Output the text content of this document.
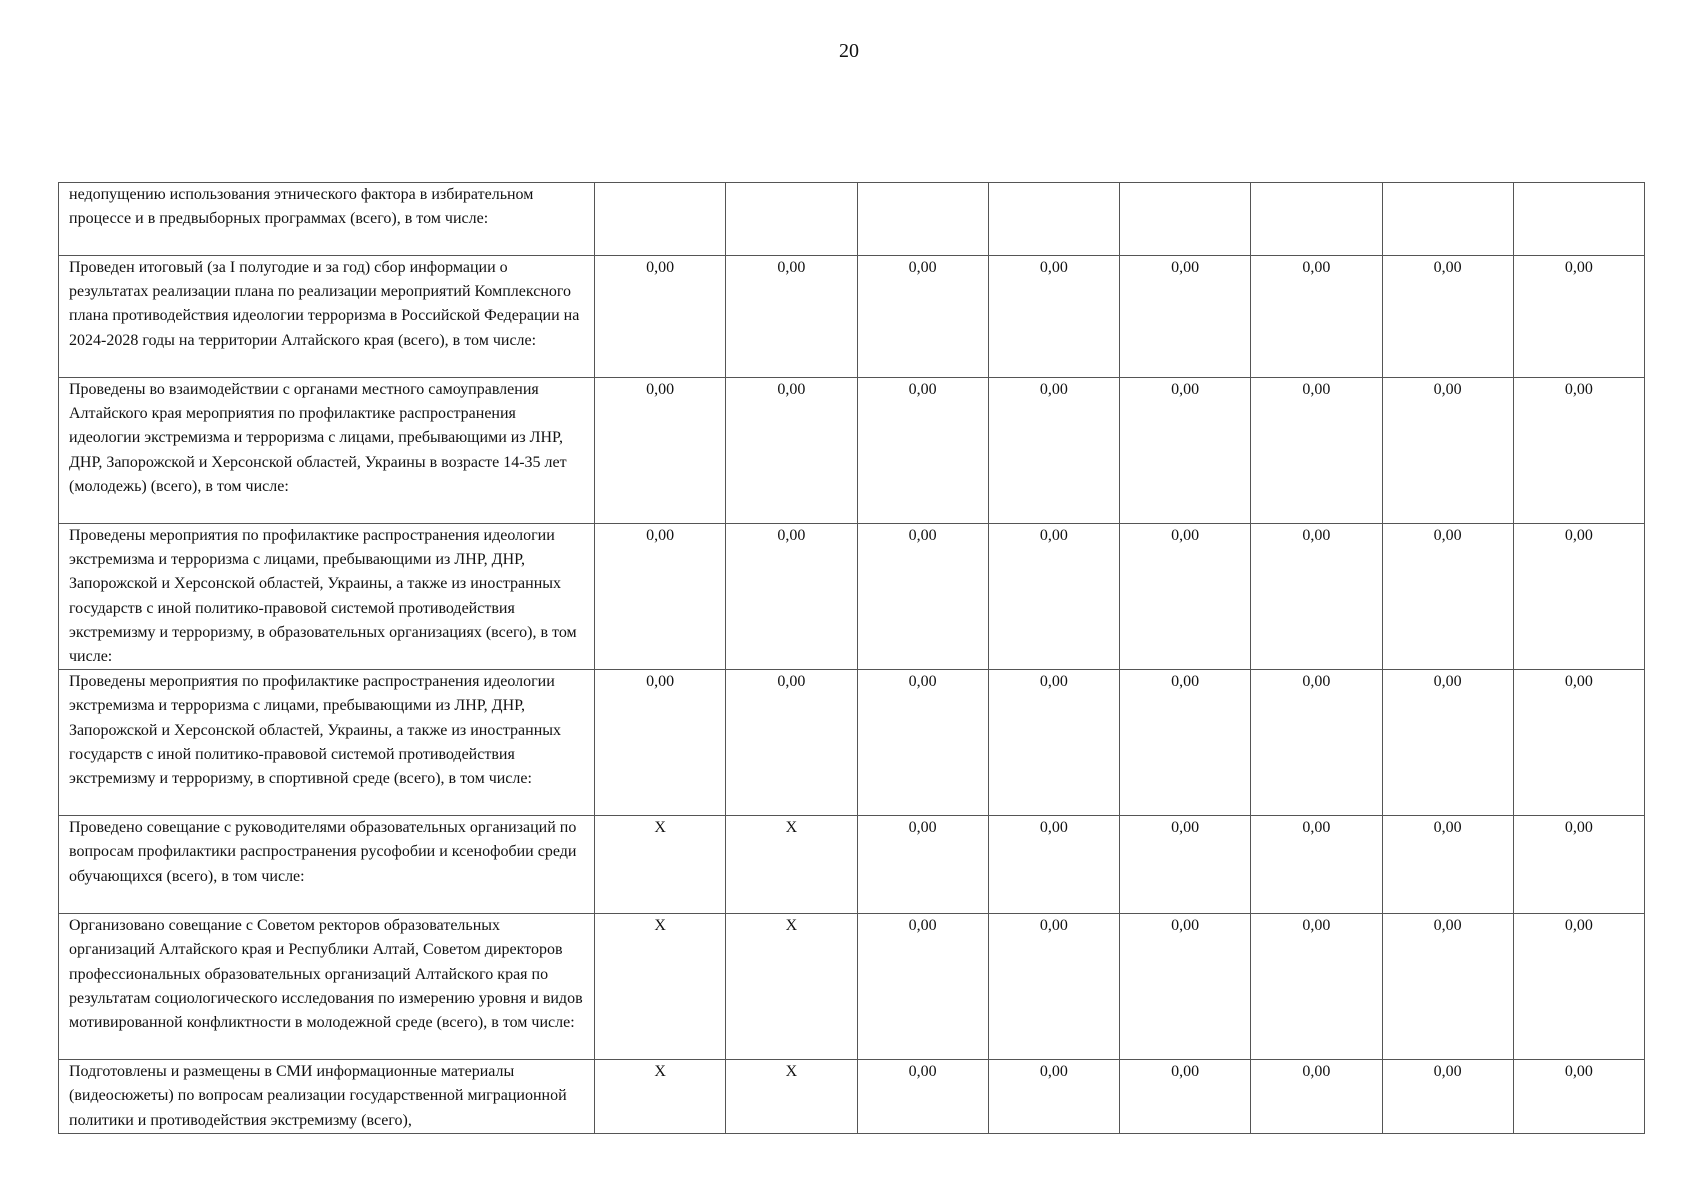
20
недопущению использования этнического фактора в избирательном процессе и в предвыборных программах (всего), в том числе:								
Проведен итоговый (за I полугодие и за год) сбор информации о результатах реализации плана по реализации мероприятий Комплексного плана противодействия идеологии терроризма в Российской Федерации на 2024-2028 годы на территории Алтайского края (всего), в том числе:	0,00	0,00	0,00	0,00	0,00	0,00	0,00	0,00
Проведены во взаимодействии с органами местного самоуправления Алтайского края мероприятия по профилактике распространения идеологии экстремизма и терроризма с лицами, пребывающими из ЛНР, ДНР, Запорожской и Херсонской областей, Украины в возрасте 14-35 лет (молодежь) (всего), в том числе:	0,00	0,00	0,00	0,00	0,00	0,00	0,00	0,00
Проведены мероприятия по профилактике распространения идеологии экстремизма и терроризма с лицами, пребывающими из ЛНР, ДНР, Запорожской и Херсонской областей, Украины, а также из иностранных государств с иной политико-правовой системой противодействия экстремизму и терроризму, в образовательных организациях (всего), в том числе:	0,00	0,00	0,00	0,00	0,00	0,00	0,00	0,00
Проведены мероприятия по профилактике распространения идеологии экстремизма и терроризма с лицами, пребывающими из ЛНР, ДНР, Запорожской и Херсонской областей, Украины, а также из иностранных государств с иной политико-правовой системой противодействия экстремизму и терроризму, в спортивной среде (всего), в том числе:	0,00	0,00	0,00	0,00	0,00	0,00	0,00	0,00
Проведено совещание с руководителями образовательных организаций по вопросам профилактики распространения русофобии и ксенофобии среди обучающихся (всего), в том числе:	X	X	0,00	0,00	0,00	0,00	0,00	0,00
Организовано совещание с Советом ректоров образовательных организаций Алтайского края и Республики Алтай, Советом директоров профессиональных образовательных организаций Алтайского края по результатам социологического исследования по измерению уровня и видов мотивированной конфликтности в молодежной среде (всего), в том числе:	X	X	0,00	0,00	0,00	0,00	0,00	0,00
Подготовлены и размещены в СМИ информационные материалы (видеосюжеты) по вопросам реализации государственной миграционной политики и противодействия экстремизму (всего),	X	X	0,00	0,00	0,00	0,00	0,00	0,00
